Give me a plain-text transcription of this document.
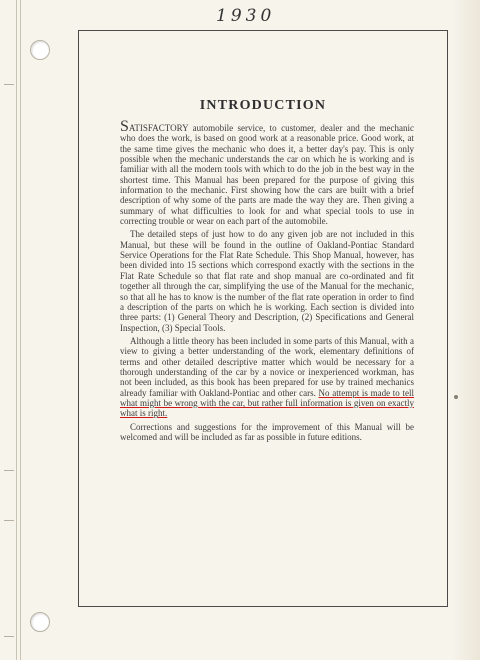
1930
INTRODUCTION

SATISFACTORY automobile service, to customer, dealer and the mechanic who does the work, is based on good work at a reasonable price. Good work, at the same time gives the mechanic who does it, a better day's pay. This is only possible when the mechanic understands the car on which he is working and is familiar with all the modern tools with which to do the job in the best way in the shortest time. This Manual has been prepared for the purpose of giving this information to the mechanic. First showing how the cars are built with a brief description of why some of the parts are made the way they are. Then giving a summary of what difficulties to look for and what special tools to use in correcting trouble or wear on each part of the automobile.

The detailed steps of just how to do any given job are not included in this Manual, but these will be found in the outline of Oakland-Pontiac Standard Service Operations for the Flat Rate Schedule. This Shop Manual, however, has been divided into 15 sections which correspond exactly with the sections in the Flat Rate Schedule so that flat rate and shop manual are co-ordinated and fit together all through the car, simplifying the use of the Manual for the mechanic, so that all he has to know is the number of the flat rate operation in order to find a description of the parts on which he is working. Each section is divided into three parts: (1) General Theory and Description, (2) Specifications and General Inspection, (3) Special Tools.

Although a little theory has been included in some parts of this Manual, with a view to giving a better understanding of the work, elementary definitions of terms and other detailed descriptive matter which would be necessary for a thorough understanding of the car by a novice or inexperienced workman, has not been included, as this book has been prepared for use by trained mechanics already familiar with Oakland-Pontiac and other cars. No attempt is made to tell what might be wrong with the car, but rather full information is given on exactly what is right.

Corrections and suggestions for the improvement of this Manual will be welcomed and will be included as far as possible in future editions.
